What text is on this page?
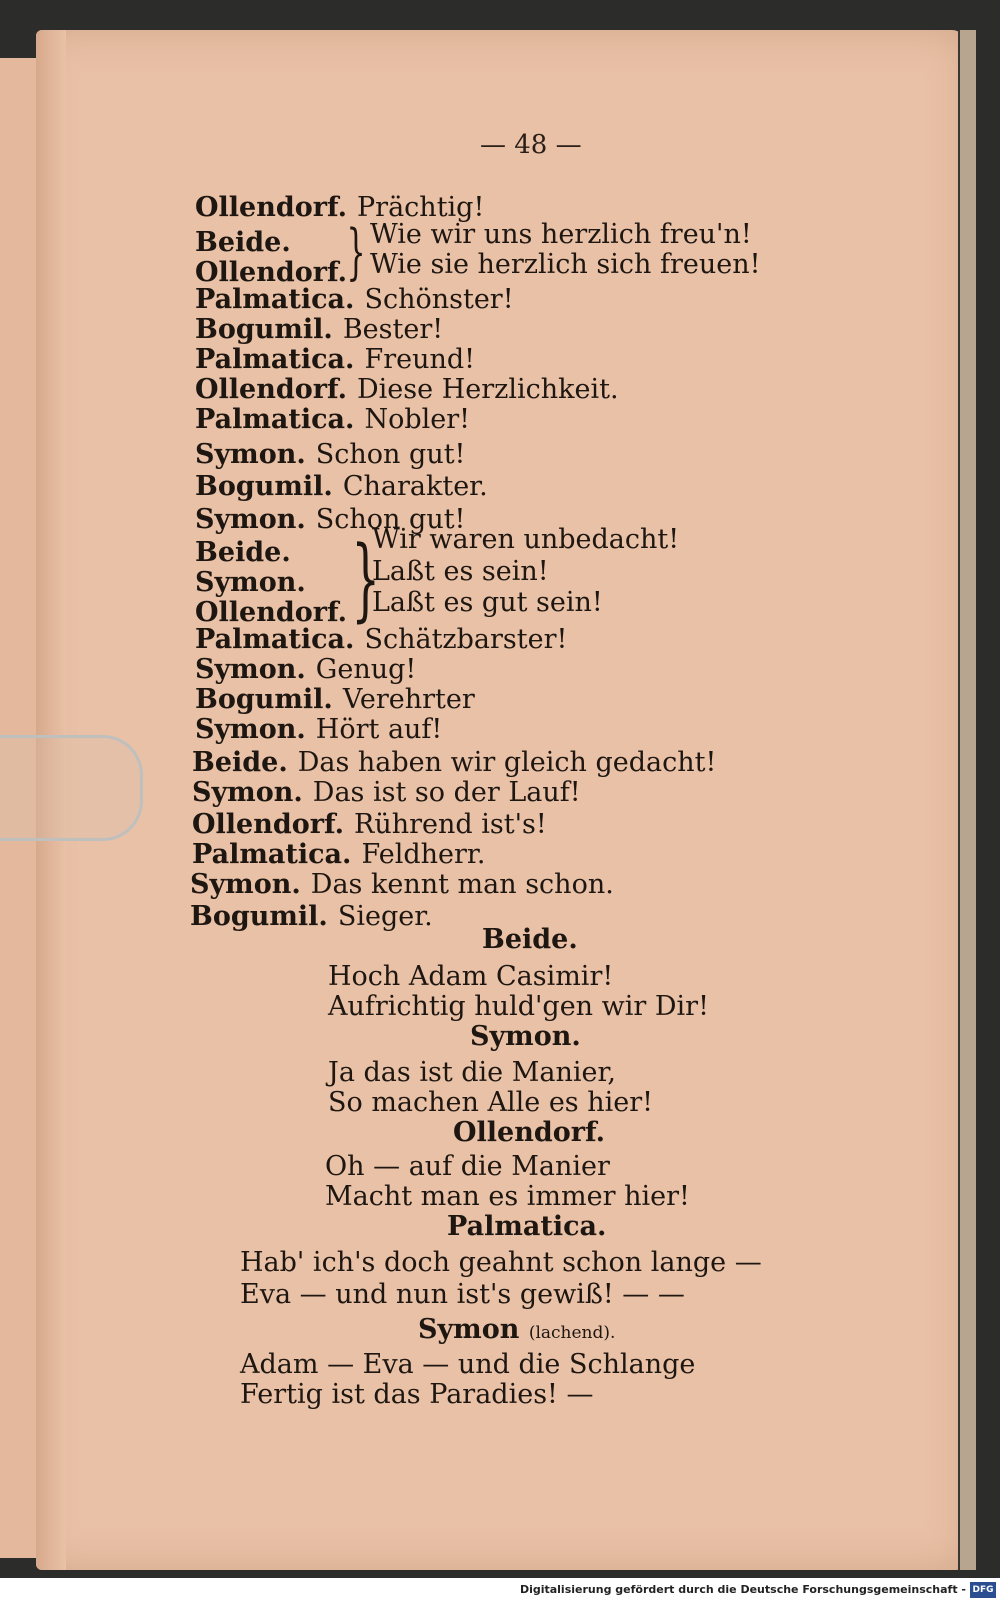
— 48 —
Ollendorf. Prächtig!
Beide.	Wie wir uns herzlich freu'n!
Ollendorf. Wie sie herzlich sich freuen!
}
Palmatica. Schönster!
Bogumil. Bester!
Palmatica. Freund!
Ollendorf. Diese Herzlichkeit.
Palmatica. Nobler!
Symon. Schon gut!
Bogumil. Charakter.
Symon. Schon gut!
Beide.	Wir waren unbedacht!
Symon. Laßt es sein!
Ollendorf. Laßt es gut sein!
}
Palmatica. Schätzbarster!
Symon. Genug!
Bogumil. Verehrter
Symon. Hört auf!
Beide. Das haben wir gleich gedacht!
Symon. Das ist so der Lauf!
Ollendorf. Rührend ist's!
Palmatica. Feldherr.
Symon. Das kennt man schon.
Bogumil. Sieger.
Beide.
Hoch Adam Casimir!
Aufrichtig huld'gen wir Dir!
Symon.
Ja das ist die Manier,
So machen Alle es hier!
Ollendorf.
Oh — auf die Manier
Macht man es immer hier!
Palmatica.
Hab' ich's doch geahnt schon lange —
Eva — und nun ist's gewiß! — —
Symon (lachend).
Adam — Eva — und die Schlange
Fertig ist das Paradies! —
Digitalisierung gefördert durch die Deutsche Forschungsgemeinschaft - DFG
